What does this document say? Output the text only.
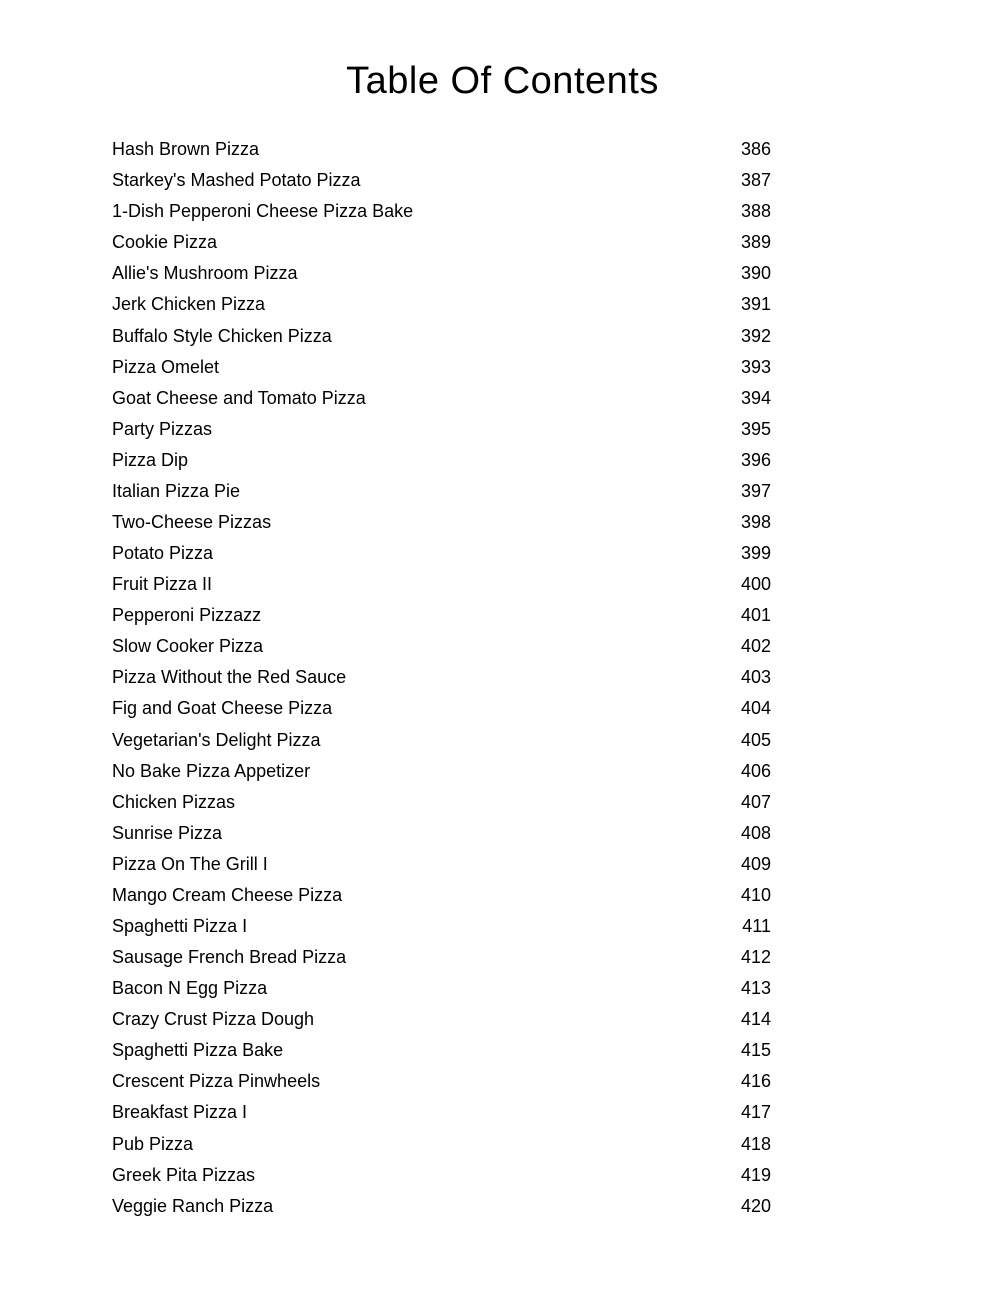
Table Of Contents
Hash Brown Pizza	386
Starkey's Mashed Potato Pizza	387
1-Dish Pepperoni Cheese Pizza Bake	388
Cookie Pizza	389
Allie's Mushroom Pizza	390
Jerk Chicken Pizza	391
Buffalo Style Chicken Pizza	392
Pizza Omelet	393
Goat Cheese and Tomato Pizza	394
Party Pizzas	395
Pizza Dip	396
Italian Pizza Pie	397
Two-Cheese Pizzas	398
Potato Pizza	399
Fruit Pizza II	400
Pepperoni Pizzazz	401
Slow Cooker Pizza	402
Pizza Without the Red Sauce	403
Fig and Goat Cheese Pizza	404
Vegetarian's Delight Pizza	405
No Bake Pizza Appetizer	406
Chicken Pizzas	407
Sunrise Pizza	408
Pizza On The Grill I	409
Mango Cream Cheese Pizza	410
Spaghetti Pizza I	411
Sausage French Bread Pizza	412
Bacon N Egg Pizza	413
Crazy Crust Pizza Dough	414
Spaghetti Pizza Bake	415
Crescent Pizza Pinwheels	416
Breakfast Pizza I	417
Pub Pizza	418
Greek Pita Pizzas	419
Veggie Ranch Pizza	420
